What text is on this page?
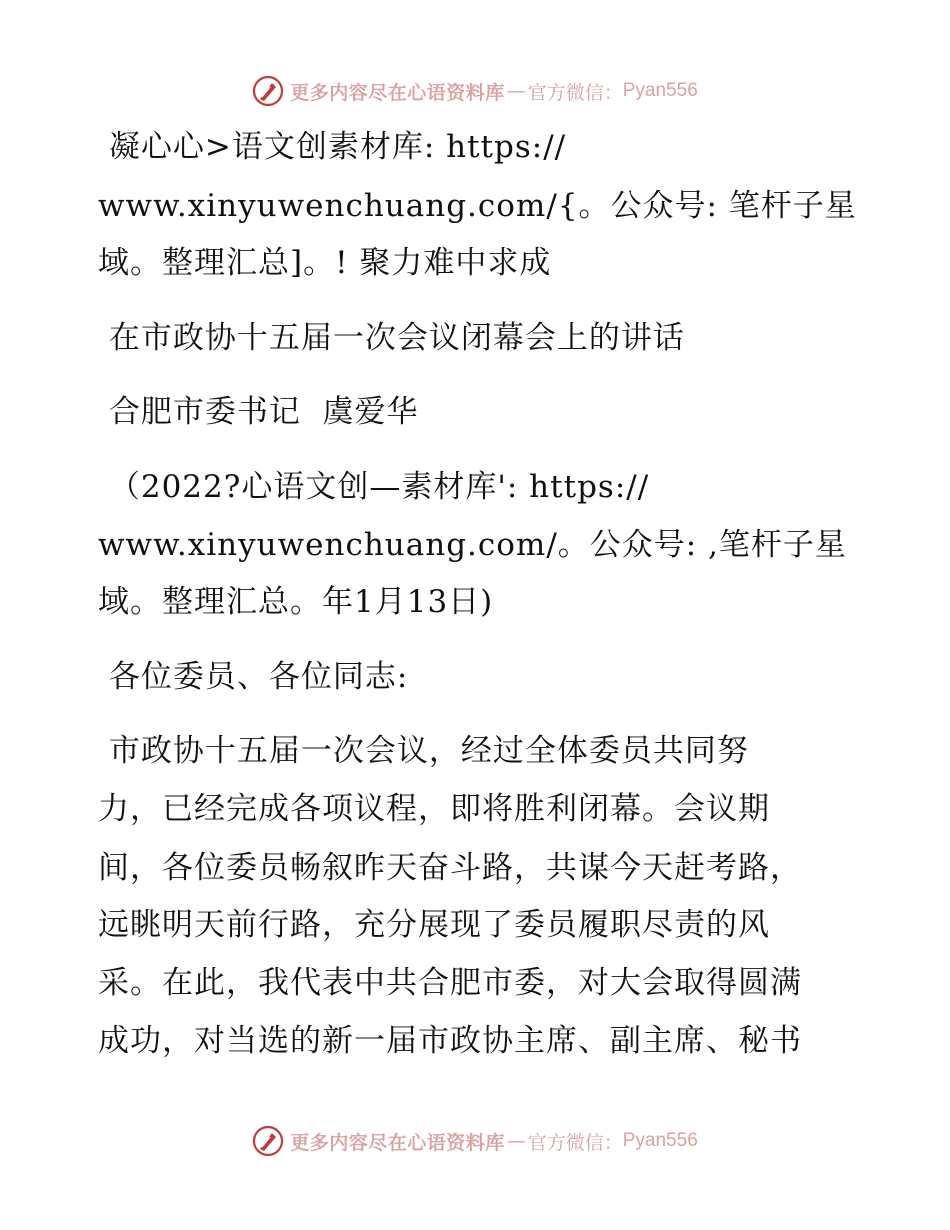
更多内容尽在心语资料库 — 官方微信： Pyan556
凝心心>语文创素材库: https://
www.xinyuwenchuang.com/{。公众号: 笔杆子星
域。整理汇总]。! 聚力难中求成
在市政协十五届一次会议闭幕会上的讲话
合肥市委书记  虞爱华
（2022?心语文创—素材库': https://
www.xinyuwenchuang.com/。公众号: ,笔杆子星
域。整理汇总。年1月13日)
各位委员、各位同志:
市政协十五届一次会议，经过全体委员共同努
力，已经完成各项议程，即将胜利闭幕。会议期
间，各位委员畅叙昨天奋斗路，共谋今天赶考路，
远眺明天前行路，充分展现了委员履职尽责的风
采。在此，我代表中共合肥市委，对大会取得圆满
成功，对当选的新一届市政协主席、副主席、秘书
更多内容尽在心语资料库 — 官方微信： Pyan556
